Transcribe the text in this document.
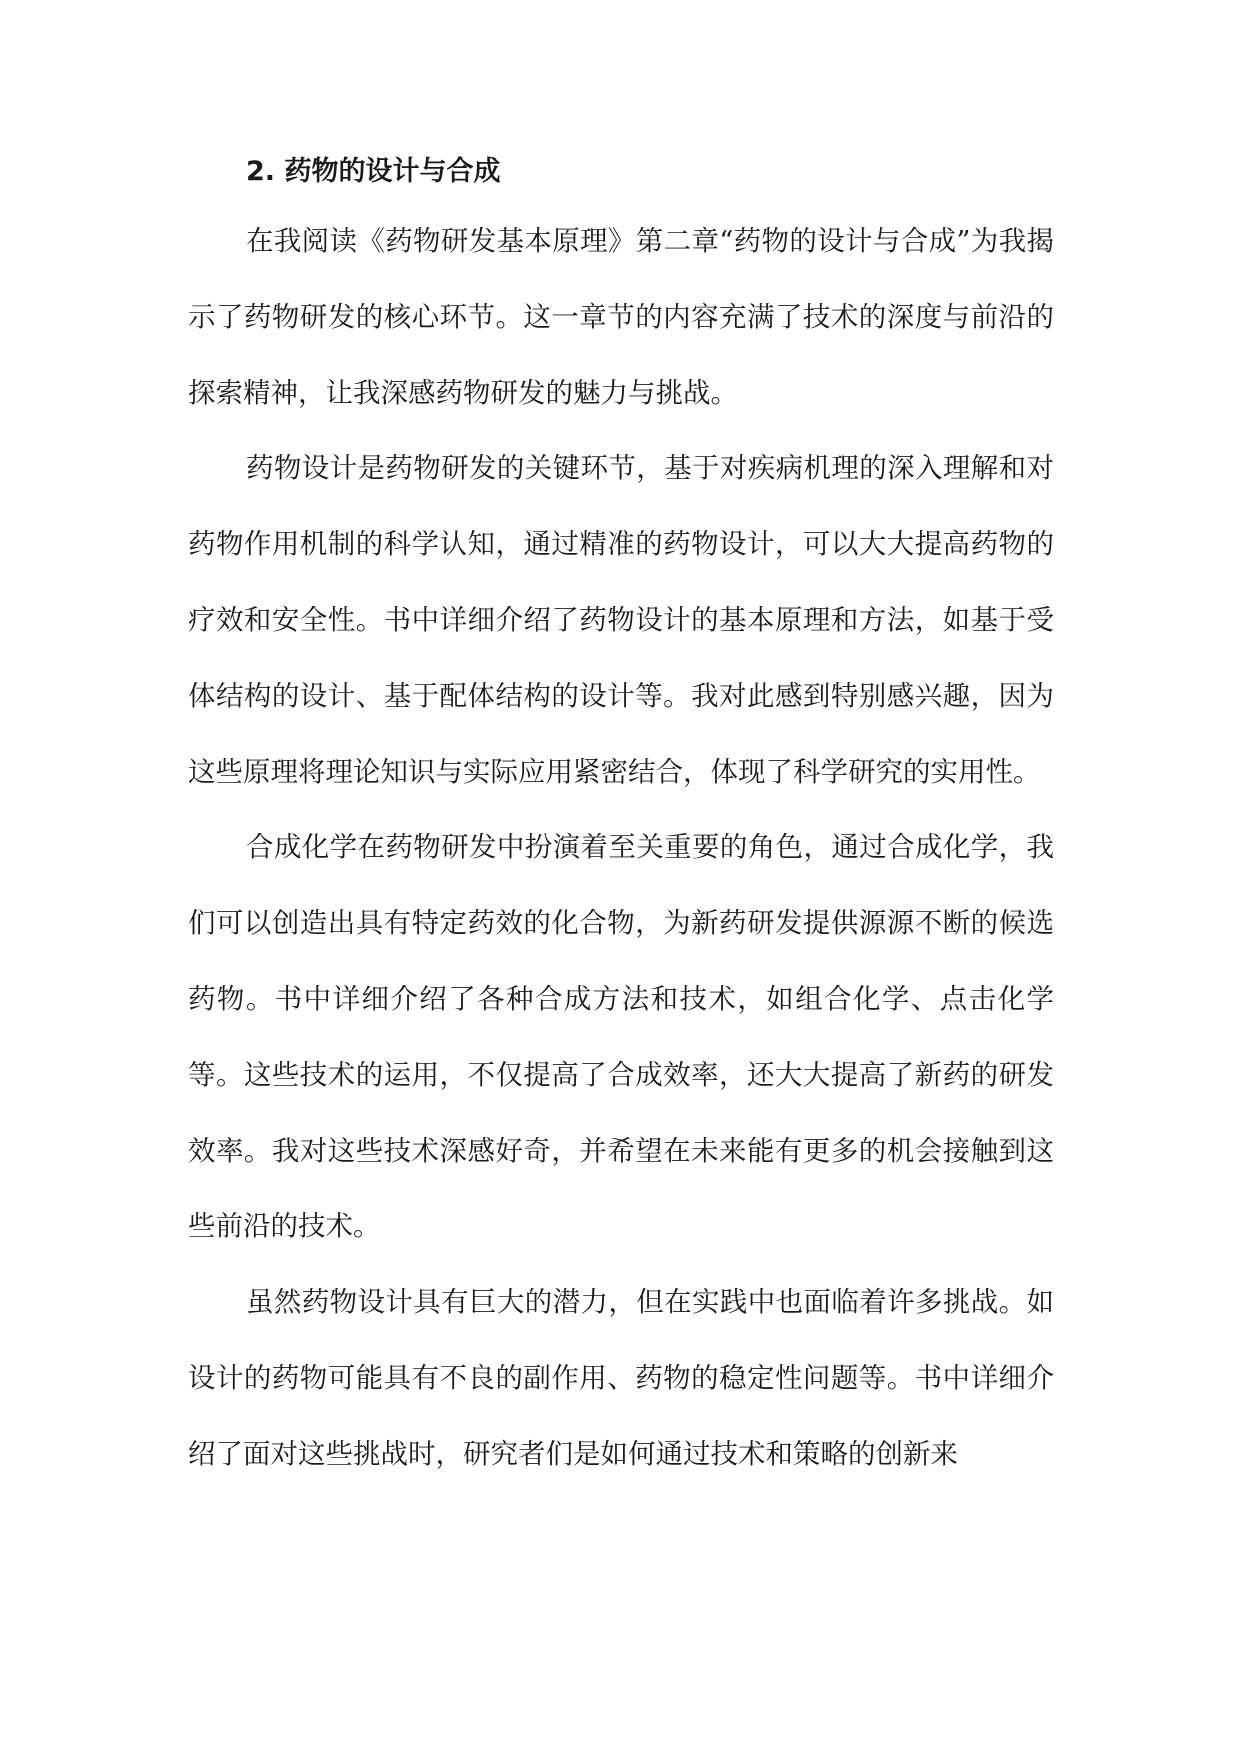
2. 药物的设计与合成

在我阅读《药物研发基本原理》第二章“药物的设计与合成”为我揭示了药物研发的核心环节。这一章节的内容充满了技术的深度与前沿的探索精神，让我深感药物研发的魅力与挑战。

药物设计是药物研发的关键环节，基于对疾病机理的深入理解和对药物作用机制的科学认知，通过精准的药物设计，可以大大提高药物的疗效和安全性。书中详细介绍了药物设计的基本原理和方法，如基于受体结构的设计、基于配体结构的设计等。我对此感到特别感兴趣，因为这些原理将理论知识与实际应用紧密结合，体现了科学研究的实用性。

合成化学在药物研发中扮演着至关重要的角色，通过合成化学，我们可以创造出具有特定药效的化合物，为新药研发提供源源不断的候选药物。书中详细介绍了各种合成方法和技术，如组合化学、点击化学等。这些技术的运用，不仅提高了合成效率，还大大提高了新药的研发效率。我对这些技术深感好奇，并希望在未来能有更多的机会接触到这些前沿的技术。

虽然药物设计具有巨大的潜力，但在实践中也面临着许多挑战。如设计的药物可能具有不良的副作用、药物的稳定性问题等。书中详细介绍了面对这些挑战时，研究者们是如何通过技术和策略的创新来
